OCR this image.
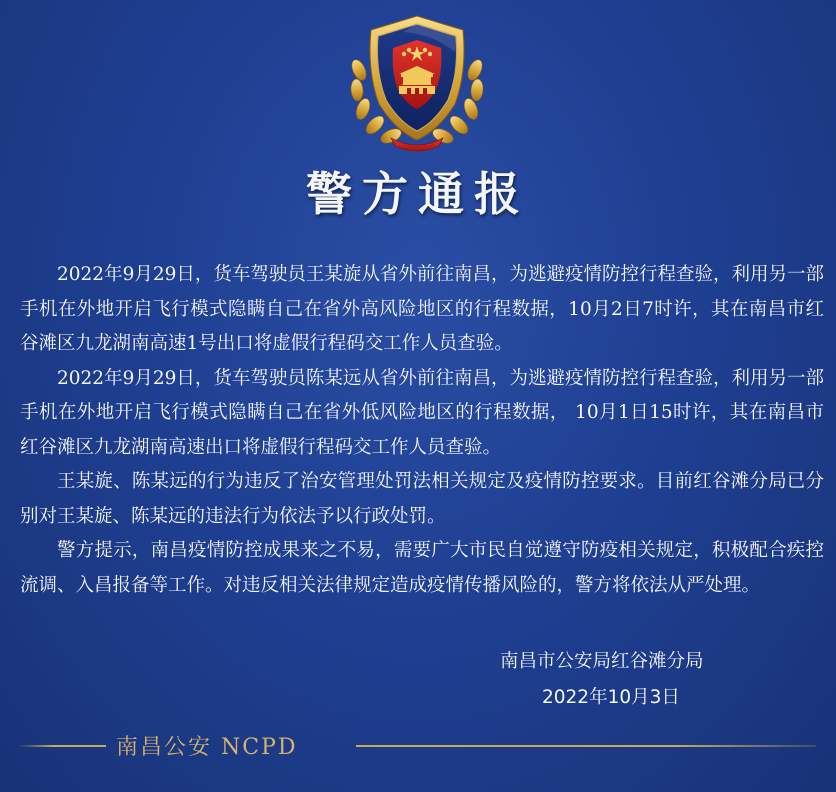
警方通报

2022年9月29日，货车驾驶员王某旋从省外前往南昌，为逃避疫情防控行程查验，利用另一部手机在外地开启飞行模式隐瞒自己在省外高风险地区的行程数据，10月2日7时许，其在南昌市红谷滩区九龙湖南高速1号出口将虚假行程码交工作人员查验。

2022年9月29日，货车驾驶员陈某远从省外前往南昌，为逃避疫情防控行程查验，利用另一部手机在外地开启飞行模式隐瞒自己在省外低风险地区的行程数据， 10月1日15时许，其在南昌市红谷滩区九龙湖南高速出口将虚假行程码交工作人员查验。

王某旋、陈某远的行为违反了治安管理处罚法相关规定及疫情防控要求。目前红谷滩分局已分别对王某旋、陈某远的违法行为依法予以行政处罚。

警方提示，南昌疫情防控成果来之不易，需要广大市民自觉遵守防疫相关规定，积极配合疾控流调、入昌报备等工作。对违反相关法律规定造成疫情传播风险的，警方将依法从严处理。

南昌市公安局红谷滩分局
2022年10月3日
南昌公安 NCPD
